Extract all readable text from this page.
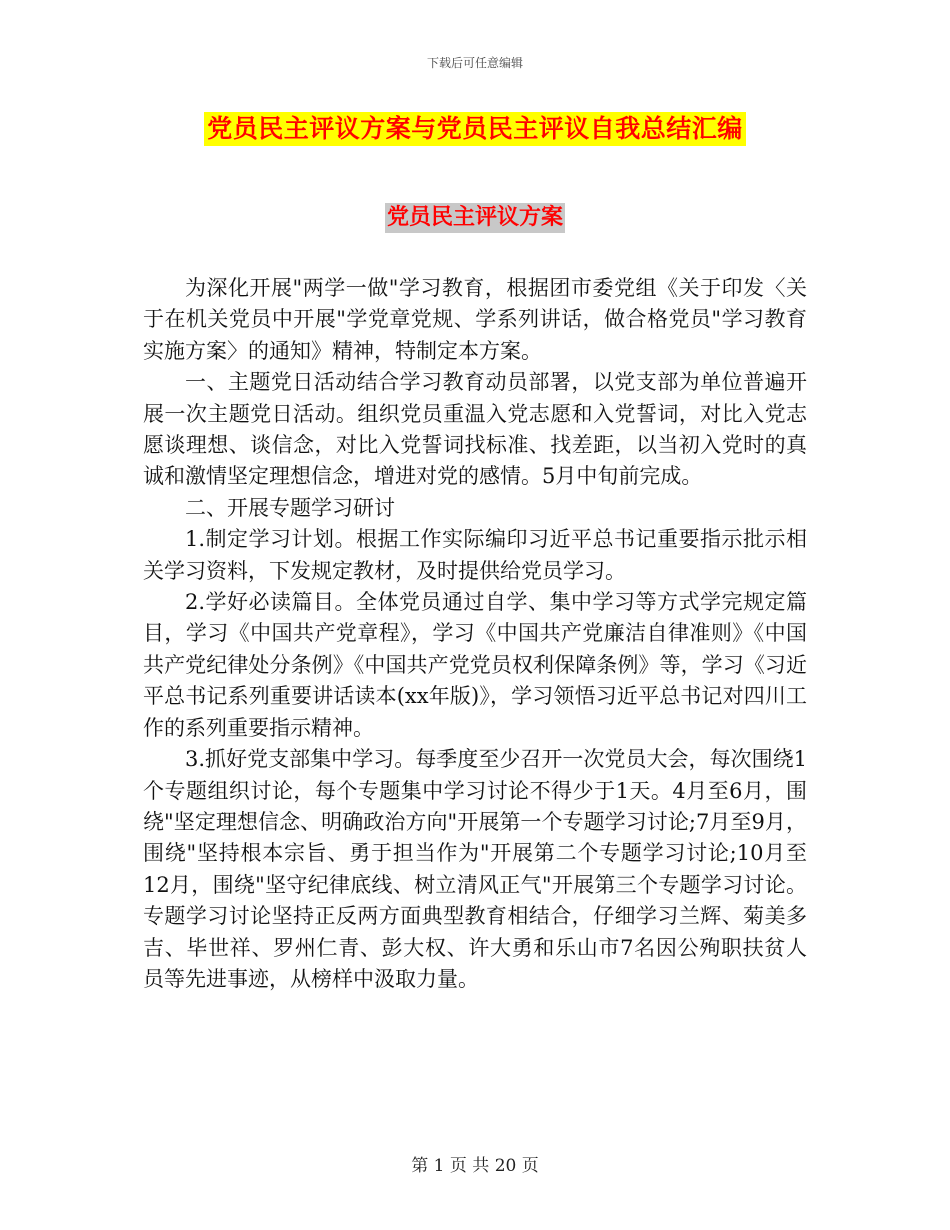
下载后可任意编辑
党员民主评议方案与党员民主评议自我总结汇编
党员民主评议方案

为深化开展"两学一做"学习教育，根据团市委党组《关于印发〈关于在机关党员中开展"学党章党规、学系列讲话，做合格党员"学习教育实施方案〉的通知》精神，特制定本方案。

一、主题党日活动结合学习教育动员部署，以党支部为单位普遍开展一次主题党日活动。组织党员重温入党志愿和入党誓词，对比入党志愿谈理想、谈信念，对比入党誓词找标准、找差距，以当初入党时的真诚和激情坚定理想信念，增进对党的感情。5月中旬前完成。

二、开展专题学习研讨

1.制定学习计划。根据工作实际编印习近平总书记重要指示批示相关学习资料，下发规定教材，及时提供给党员学习。

2.学好必读篇目。全体党员通过自学、集中学习等方式学完规定篇目，学习《中国共产党章程》，学习《中国共产党廉洁自律准则》《中国共产党纪律处分条例》《中国共产党党员权利保障条例》等，学习《习近平总书记系列重要讲话读本(xx年版)》，学习领悟习近平总书记对四川工作的系列重要指示精神。

3.抓好党支部集中学习。每季度至少召开一次党员大会，每次围绕1个专题组织讨论，每个专题集中学习讨论不得少于1天。4月至6月，围绕"坚定理想信念、明确政治方向"开展第一个专题学习讨论;7月至9月，围绕"坚持根本宗旨、勇于担当作为"开展第二个专题学习讨论;10月至12月，围绕"坚守纪律底线、树立清风正气"开展第三个专题学习讨论。专题学习讨论坚持正反两方面典型教育相结合，仔细学习兰辉、菊美多吉、毕世祥、罗州仁青、彭大权、许大勇和乐山市7名因公殉职扶贫人员等先进事迹，从榜样中汲取力量。

第 1 页 共 20 页
